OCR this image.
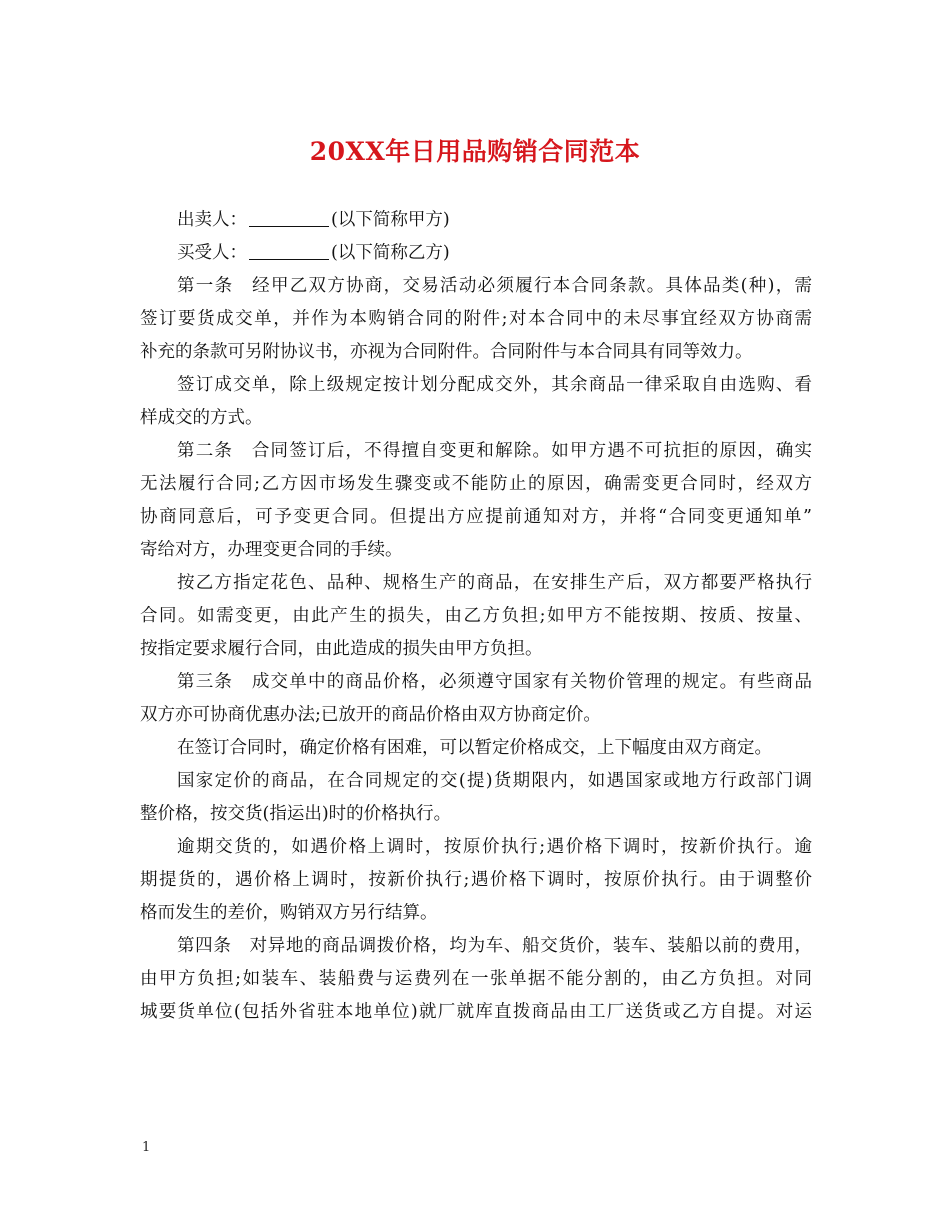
20XX年日用品购销合同范本
出卖人：	(以下简称甲方)
买受人：	(以下简称乙方)
第一条　经甲乙双方协商，交易活动必须履行本合同条款。具体品类(种)，需
签订要货成交单，并作为本购销合同的附件;对本合同中的未尽事宜经双方协商需
补充的条款可另附协议书，亦视为合同附件。合同附件与本合同具有同等效力。
签订成交单，除上级规定按计划分配成交外，其余商品一律采取自由选购、看
样成交的方式。
第二条　合同签订后，不得擅自变更和解除。如甲方遇不可抗拒的原因，确实
无法履行合同;乙方因市场发生骤变或不能防止的原因，确需变更合同时，经双方
协商同意后，可予变更合同。但提出方应提前通知对方，并将“合同变更通知单”
寄给对方，办理变更合同的手续。
按乙方指定花色、品种、规格生产的商品，在安排生产后，双方都要严格执行
合同。如需变更，由此产生的损失，由乙方负担;如甲方不能按期、按质、按量、
按指定要求履行合同，由此造成的损失由甲方负担。
第三条　成交单中的商品价格，必须遵守国家有关物价管理的规定。有些商品
双方亦可协商优惠办法;已放开的商品价格由双方协商定价。
在签订合同时，确定价格有困难，可以暂定价格成交，上下幅度由双方商定。
国家定价的商品，在合同规定的交(提)货期限内，如遇国家或地方行政部门调
整价格，按交货(指运出)时的价格执行。
逾期交货的，如遇价格上调时，按原价执行;遇价格下调时，按新价执行。逾
期提货的，遇价格上调时，按新价执行;遇价格下调时，按原价执行。由于调整价
格而发生的差价，购销双方另行结算。
第四条　对异地的商品调拨价格，均为车、船交货价，装车、装船以前的费用，
由甲方负担;如装车、装船费与运费列在一张单据不能分割的，由乙方负担。对同
城要货单位(包括外省驻本地单位)就厂就库直拨商品由工厂送货或乙方自提。对运
1
